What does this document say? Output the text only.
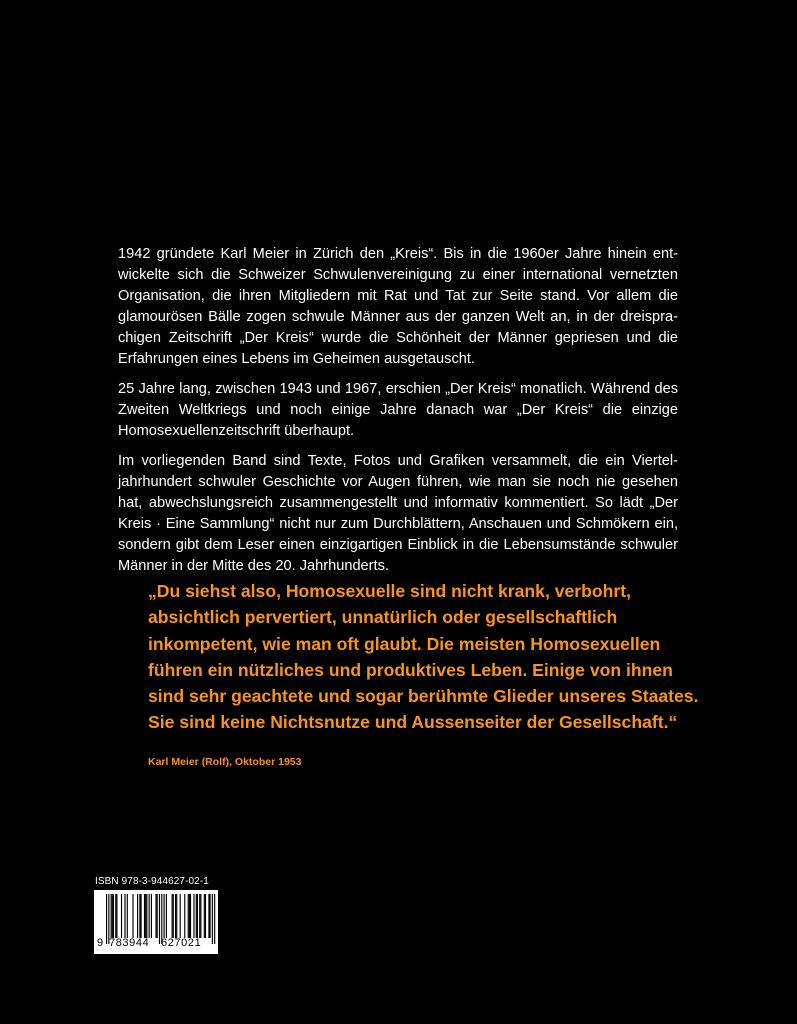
1942 gründete Karl Meier in Zürich den „Kreis“. Bis in die 1960er Jahre hinein entwickelte sich die Schweizer Schwulenvereinigung zu einer international vernetzten Organisation, die ihren Mitgliedern mit Rat und Tat zur Seite stand. Vor allem die glamourösen Bälle zogen schwule Männer aus der ganzen Welt an, in der dreisprachigen Zeitschrift „Der Kreis“ wurde die Schönheit der Männer gepriesen und die Erfahrungen eines Lebens im Geheimen ausgetauscht.

25 Jahre lang, zwischen 1943 und 1967, erschien „Der Kreis“ monatlich. Während des Zweiten Weltkriegs und noch einige Jahre danach war „Der Kreis“ die einzige Homosexuellenzeitschrift überhaupt.

Im vorliegenden Band sind Texte, Fotos und Grafiken versammelt, die ein Vierteljahrhundert schwuler Geschichte vor Augen führen, wie man sie noch nie gesehen hat, abwechslungsreich zusammengestellt und informativ kommentiert. So lädt „Der Kreis · Eine Sammlung“ nicht nur zum Durchblättern, Anschauen und Schmökern ein, sondern gibt dem Leser einen einzigartigen Einblick in die Lebensumstände schwuler Männer in der Mitte des 20. Jahrhunderts.

„Du siehst also, Homosexuelle sind nicht krank, verbohrt, absichtlich pervertiert, unnatürlich oder gesellschaftlich inkompetent, wie man oft glaubt. Die meisten Homosexuellen führen ein nützliches und produktives Leben. Einige von ihnen sind sehr geachtete und sogar berühmte Glieder unseres Staates. Sie sind keine Nichtsnutze und Aussenseiter der Gesellschaft.“

Karl Meier (Rolf), Oktober 1953

ISBN 978-3-944627-02-1

9 783944 627021
